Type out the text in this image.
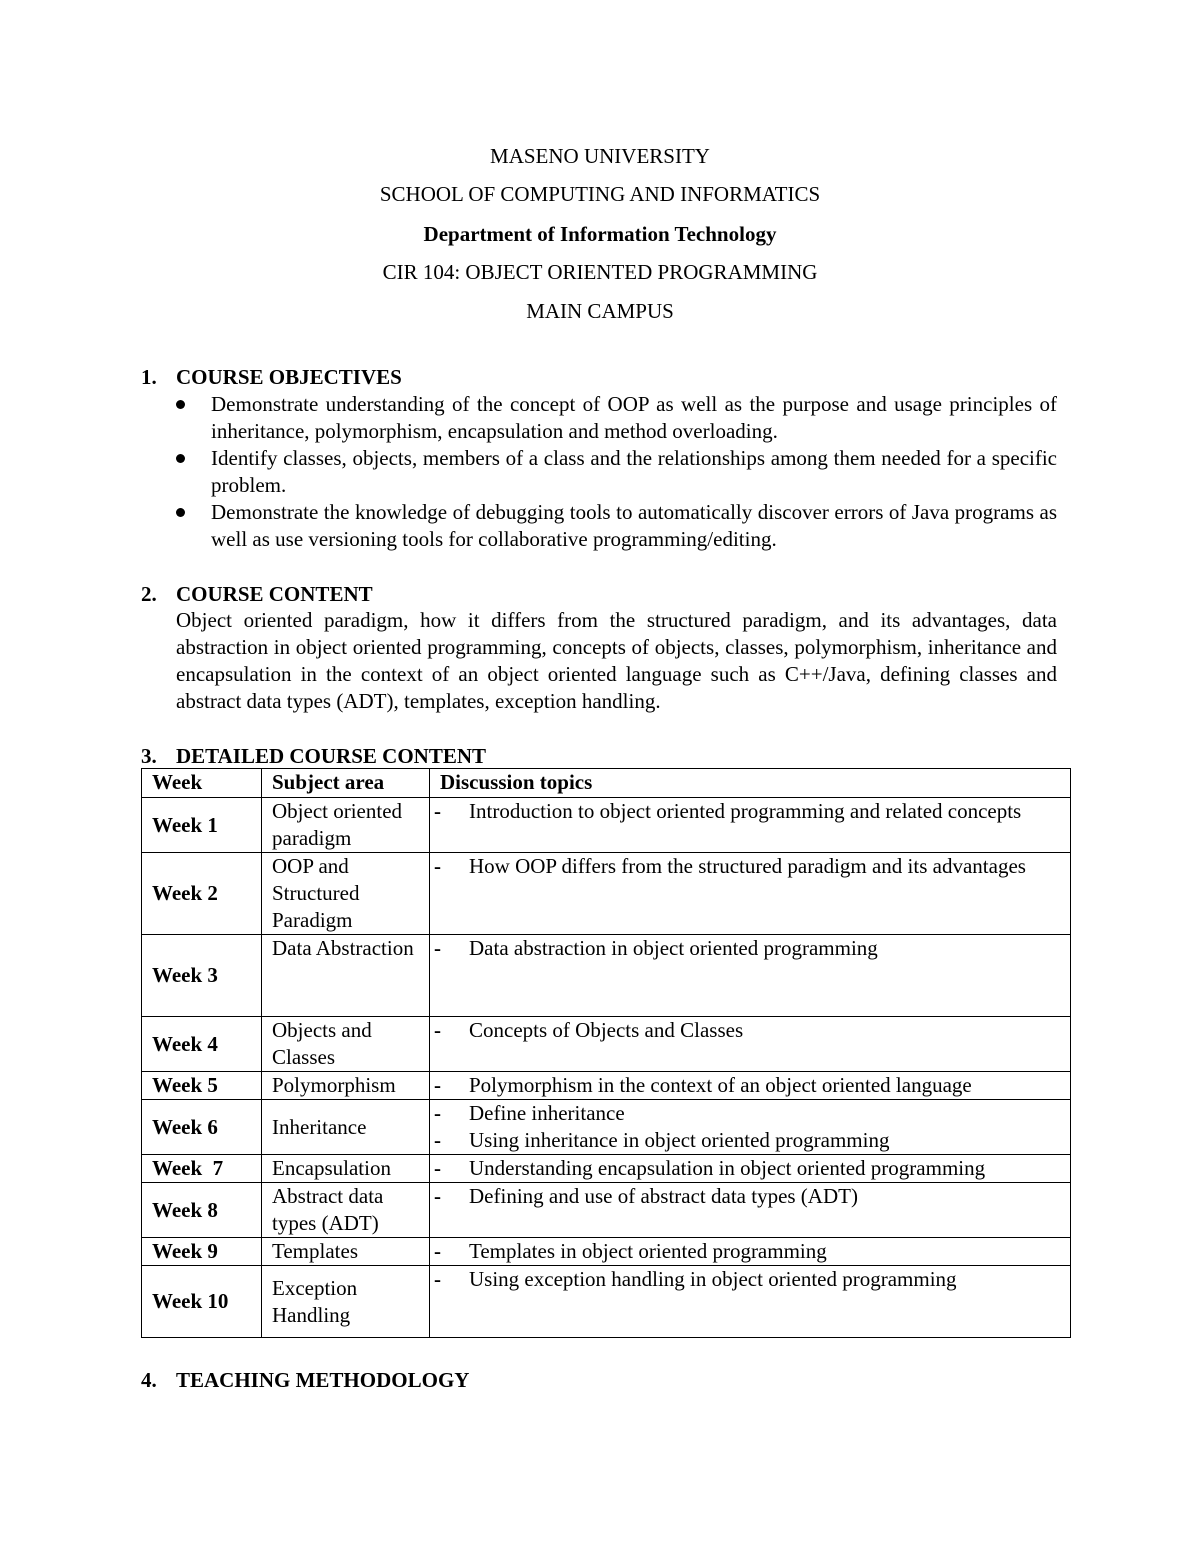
MASENO UNIVERSITY
SCHOOL OF COMPUTING AND INFORMATICS
Department of Information Technology
CIR 104: OBJECT ORIENTED PROGRAMMING
MAIN CAMPUS
1. COURSE OBJECTIVES
Demonstrate understanding of the concept of OOP as well as the purpose and usage principles of inheritance, polymorphism, encapsulation and method overloading.
Identify classes, objects, members of a class and the relationships among them needed for a specific problem.
Demonstrate the knowledge of debugging tools to automatically discover errors of Java programs as well as use versioning tools for collaborative programming/editing.
2. COURSE CONTENT

Object oriented paradigm, how it differs from the structured paradigm, and its advantages, data abstraction in object oriented programming, concepts of objects, classes, polymorphism, inheritance and encapsulation in the context of an object oriented language such as C++/Java, defining classes and abstract data types (ADT), templates, exception handling.

3. DETAILED COURSE CONTENT
Week	Subject area	Discussion topics
Week 1	Object oriented paradigm	- Introduction to object oriented programming and related concepts

Week 2	OOP and Structured Paradigm	- How OOP differs from the structured paradigm and its advantages

Week 3	Data Abstraction	- Data abstraction in object oriented programming

Week 4	Objects and Classes	- Concepts of Objects and Classes

Week 5	Polymorphism	- Polymorphism in the context of an object oriented language

Week 6	Inheritance	- Define inheritance
- Using inheritance in object oriented programming

Week  7	Encapsulation	- Understanding encapsulation in object oriented programming

Week 8	Abstract data types (ADT)	- Defining and use of abstract data types (ADT)

Week 9	Templates	- Templates in object oriented programming

Week 10	Exception Handling	- Using exception handling in object oriented programming
4. TEACHING METHODOLOGY
